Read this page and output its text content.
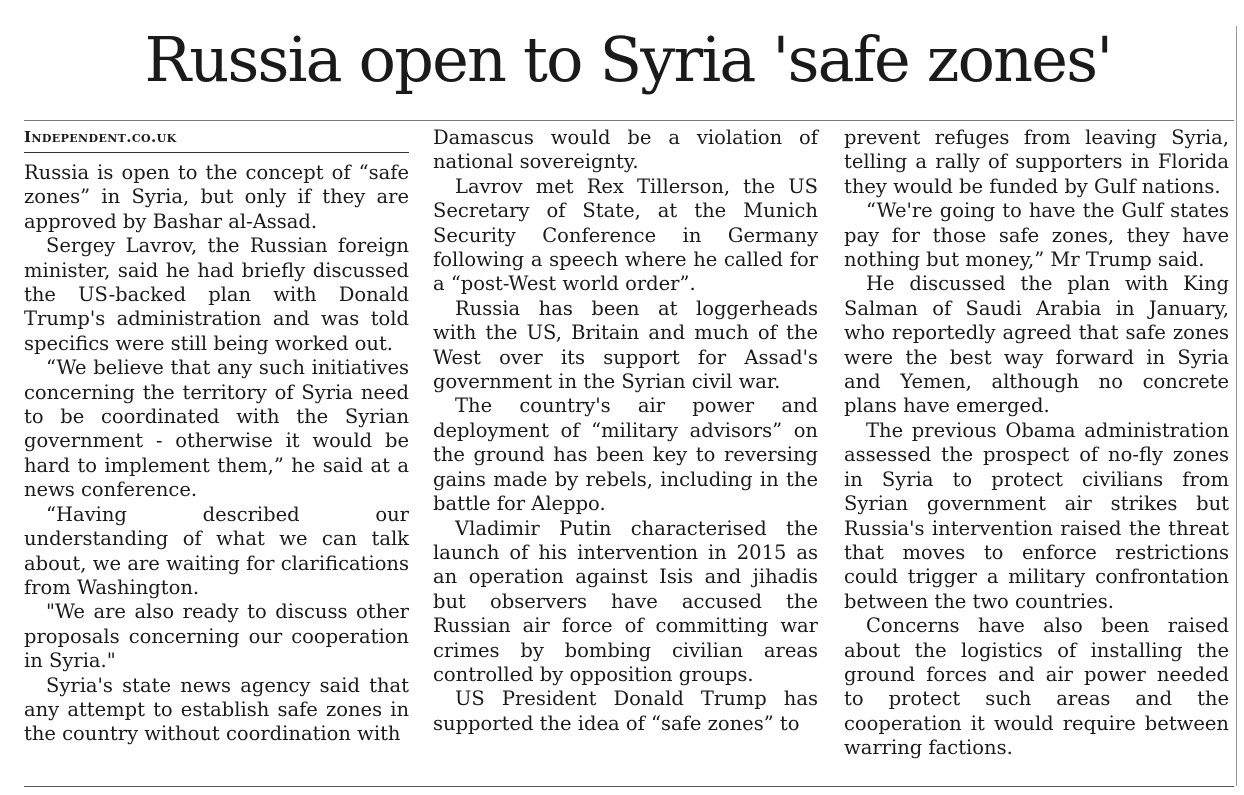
Russia open to Syria 'safe zones'
Independent.co.uk

Russia is open to the concept of “safe zones” in Syria, but only if they are approved by Bashar al-Assad.

Sergey Lavrov, the Russian foreign minister, said he had briefly discussed the US-backed plan with Donald Trump's administration and was told specifics were still being worked out.

“We believe that any such initiatives concerning the territory of Syria need to be coordinated with the Syrian government - otherwise it would be hard to implement them,” he said at a news conference.

“Having described our understanding of what we can talk about, we are waiting for clarifications from Washington.

"We are also ready to discuss other proposals concerning our cooperation in Syria."

Syria's state news agency said that any attempt to establish safe zones in the country without coordination with

Damascus would be a violation of national sovereignty.

Lavrov met Rex Tillerson, the US Secretary of State, at the Munich Security Conference in Germany following a speech where he called for a “post-West world order”.

Russia has been at loggerheads with the US, Britain and much of the West over its support for Assad's government in the Syrian civil war.

The country's air power and deployment of “military advisors” on the ground has been key to reversing gains made by rebels, including in the battle for Aleppo.

Vladimir Putin characterised the launch of his intervention in 2015 as an operation against Isis and jihadis but observers have accused the Russian air force of committing war crimes by bombing civilian areas controlled by opposition groups.

US President Donald Trump has supported the idea of “safe zones” to

prevent refuges from leaving Syria, telling a rally of supporters in Florida they would be funded by Gulf nations.

“We're going to have the Gulf states pay for those safe zones, they have nothing but money,” Mr Trump said.

He discussed the plan with King Salman of Saudi Arabia in January, who reportedly agreed that safe zones were the best way forward in Syria and Yemen, although no concrete plans have emerged.

The previous Obama administration assessed the prospect of no-fly zones in Syria to protect civilians from Syrian government air strikes but Russia's intervention raised the threat that moves to enforce restrictions could trigger a military confrontation between the two countries.

Concerns have also been raised about the logistics of installing the ground forces and air power needed to protect such areas and the cooperation it would require between warring factions.
